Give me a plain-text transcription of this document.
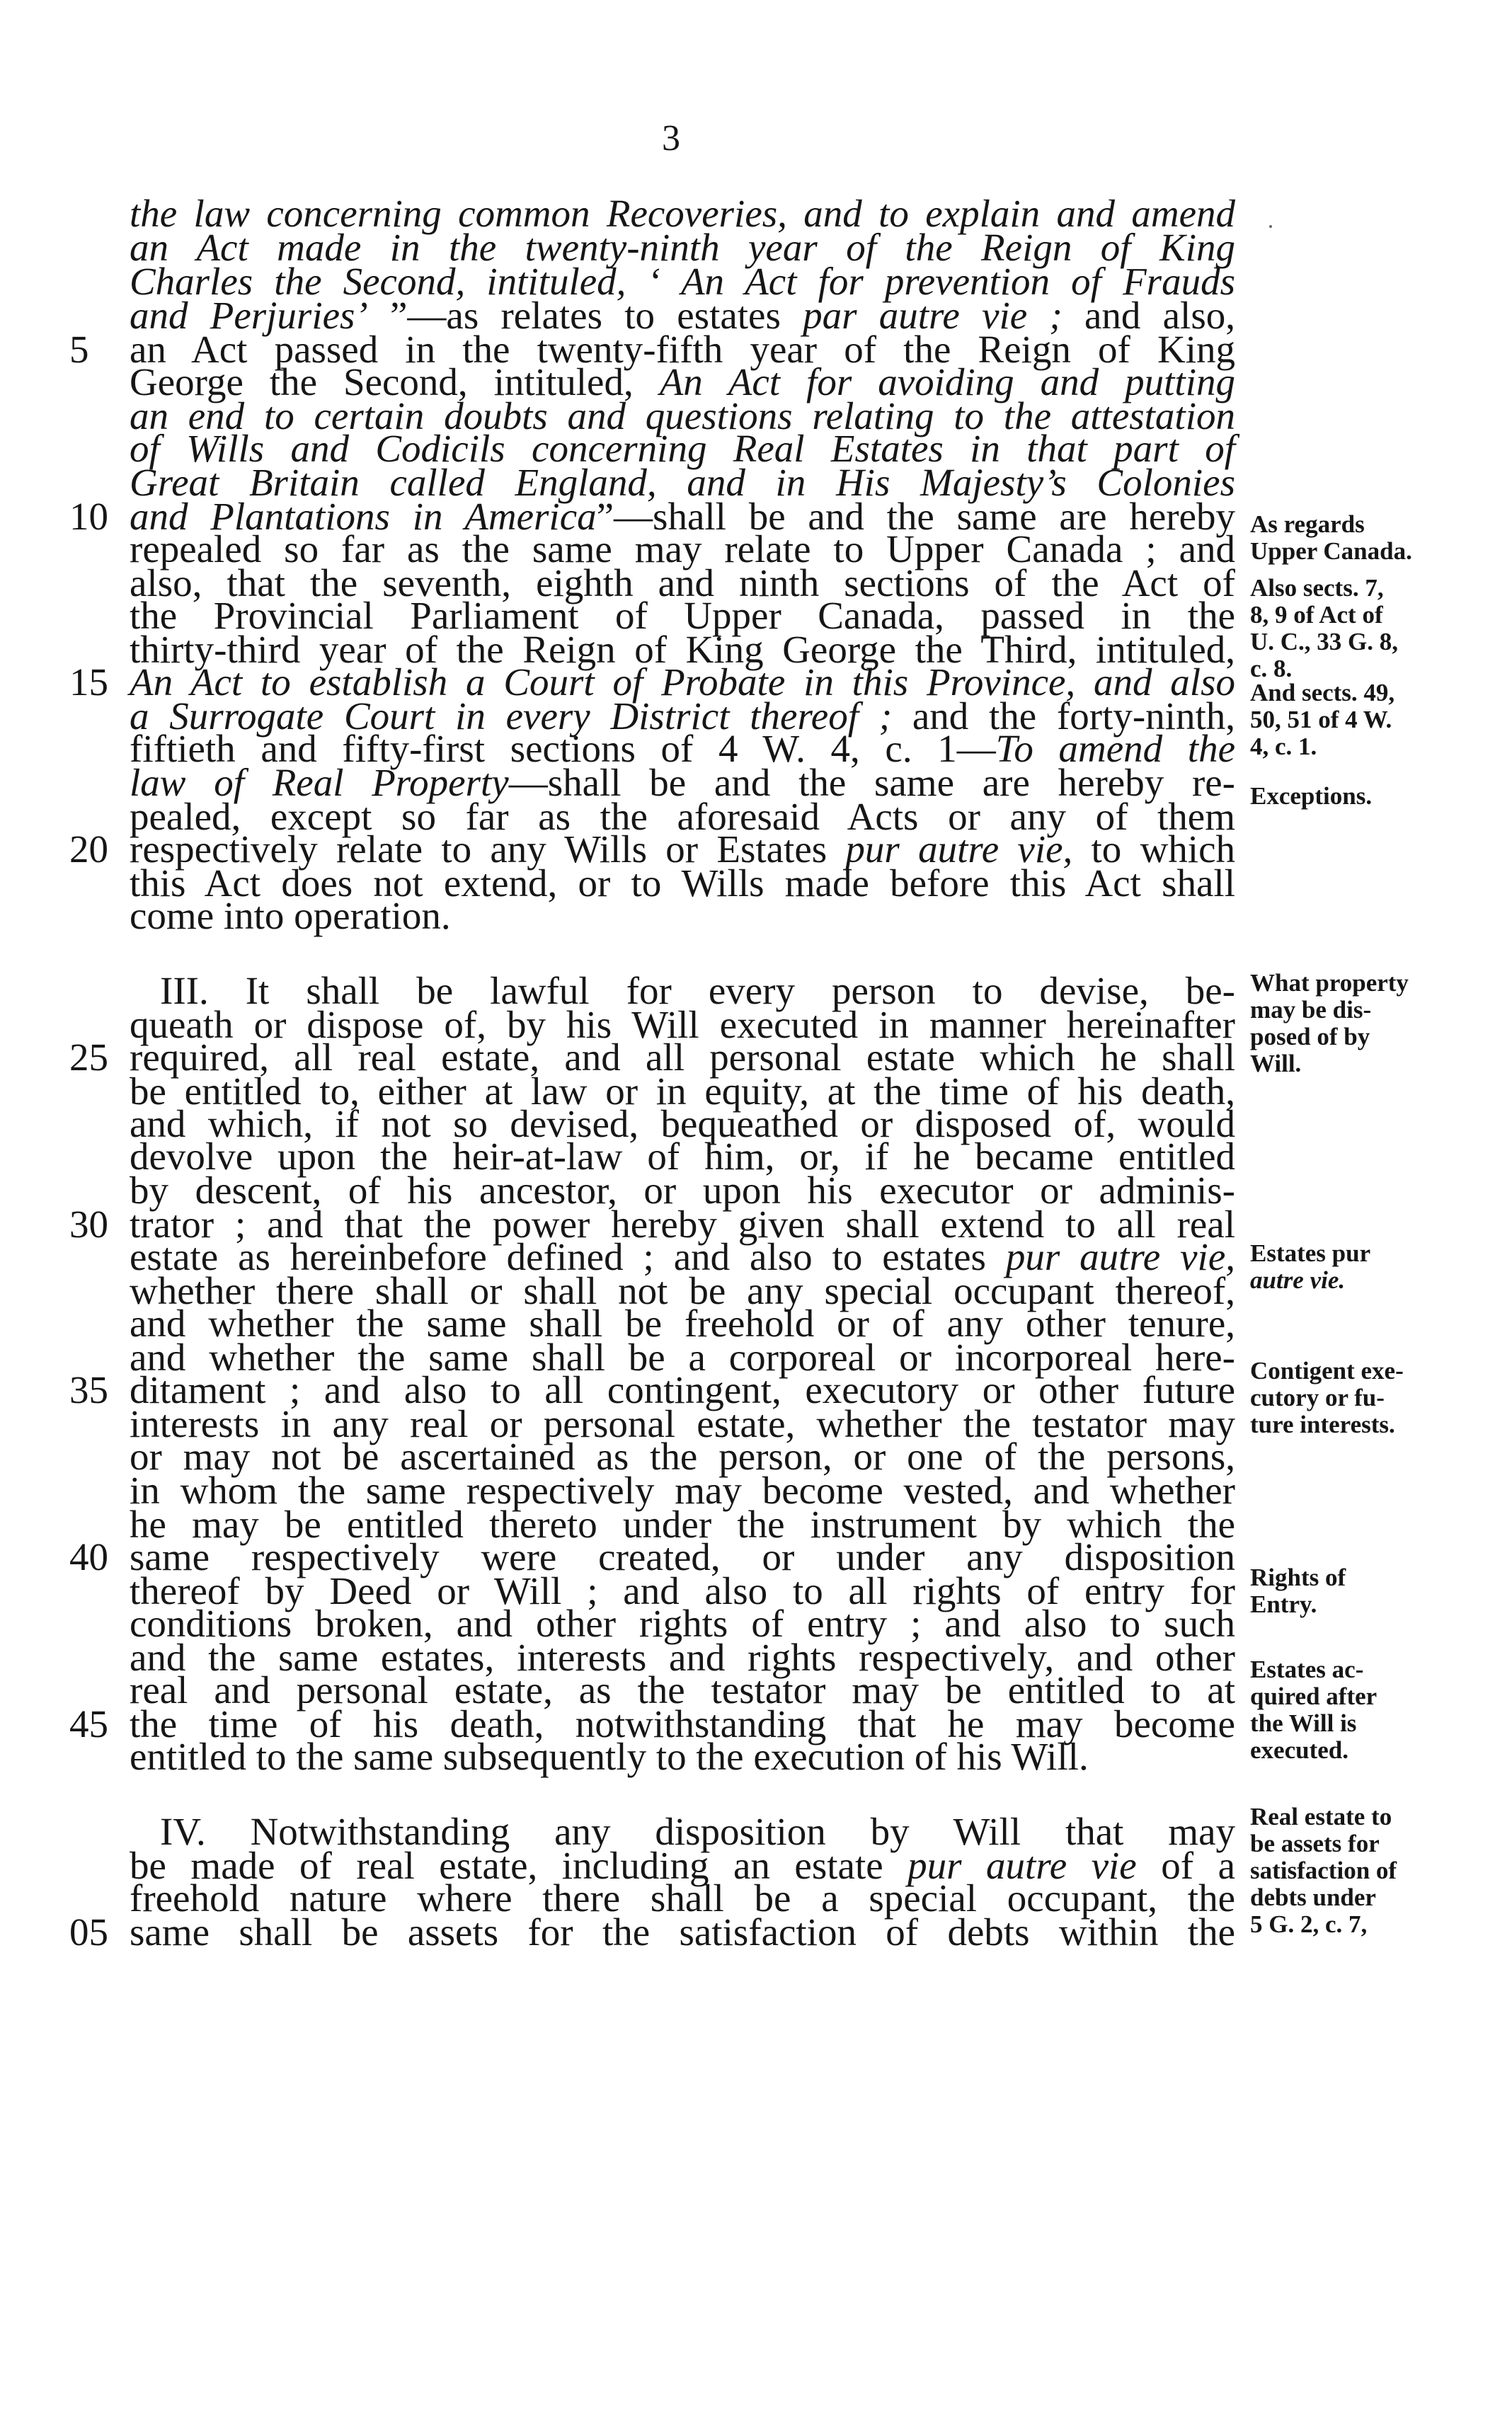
3
the law concerning common Recoveries, and to explain and amend
an Act made in the twenty-ninth year of the Reign of King
Charles the Second, intituled, ‘ An Act for prevention of Frauds
and Perjuries’ ”—as relates to estates par autre vie ; and also,
an Act passed in the twenty-fifth year of the Reign of King
5
George the Second, intituled, An Act for avoiding and putting
an end to certain doubts and questions relating to the attestation
of Wills and Codicils concerning Real Estates in that part of
Great Britain called England, and in His Majesty’s Colonies
and Plantations in America”—shall be and the same are hereby
10
repealed so far as the same may relate to Upper Canada ; and
also, that the seventh, eighth and ninth sections of the Act of
the Provincial Parliament of Upper Canada, passed in the
thirty-third year of the Reign of King George the Third, intituled,
An Act to establish a Court of Probate in this Province, and also
15
a Surrogate Court in every District thereof ; and the forty-ninth,
fiftieth and fifty-first sections of 4 W. 4, c. 1—To amend the
law of Real Property—shall be and the same are hereby re-
pealed, except so far as the aforesaid Acts or any of them
respectively relate to any Wills or Estates pur autre vie, to which
20
this Act does not extend, or to Wills made before this Act shall
come into operation.
III. It shall be lawful for every person to devise, be-
queath or dispose of, by his Will executed in manner hereinafter
required, all real estate, and all personal estate which he shall
25
be entitled to, either at law or in equity, at the time of his death,
and which, if not so devised, bequeathed or disposed of, would
devolve upon the heir-at-law of him, or, if he became entitled
by descent, of his ancestor, or upon his executor or adminis-
trator ; and that the power hereby given shall extend to all real
30
estate as hereinbefore defined ; and also to estates pur autre vie,
whether there shall or shall not be any special occupant thereof,
and whether the same shall be freehold or of any other tenure,
and whether the same shall be a corporeal or incorporeal here-
ditament ; and also to all contingent, executory or other future
35
interests in any real or personal estate, whether the testator may
or may not be ascertained as the person, or one of the persons,
in whom the same respectively may become vested, and whether
he may be entitled thereto under the instrument by which the
same respectively were created, or under any disposition
40
thereof by Deed or Will ; and also to all rights of entry for
conditions broken, and other rights of entry ; and also to such
and the same estates, interests and rights respectively, and other
real and personal estate, as the testator may be entitled to at
the time of his death, notwithstanding that he may become
45
entitled to the same subsequently to the execution of his Will.
IV. Notwithstanding any disposition by Will that may
be made of real estate, including an estate pur autre vie of a
freehold nature where there shall be a special occupant, the
same shall be assets for the satisfaction of debts within the
05
As regards
Upper Canada.
Also sects. 7,
8, 9 of Act of
U. C., 33 G. 8,
c. 8.
And sects. 49,
50, 51 of 4 W.
4, c. 1.
Exceptions.
What property
may be dis-
posed of by
Will.
Estates pur
autre vie.
Contigent exe-
cutory or fu-
ture interests.
Rights of
Entry.
Estates ac-
quired after
the Will is
executed.
Real estate to
be assets for
satisfaction of
debts under
5 G. 2, c. 7,
